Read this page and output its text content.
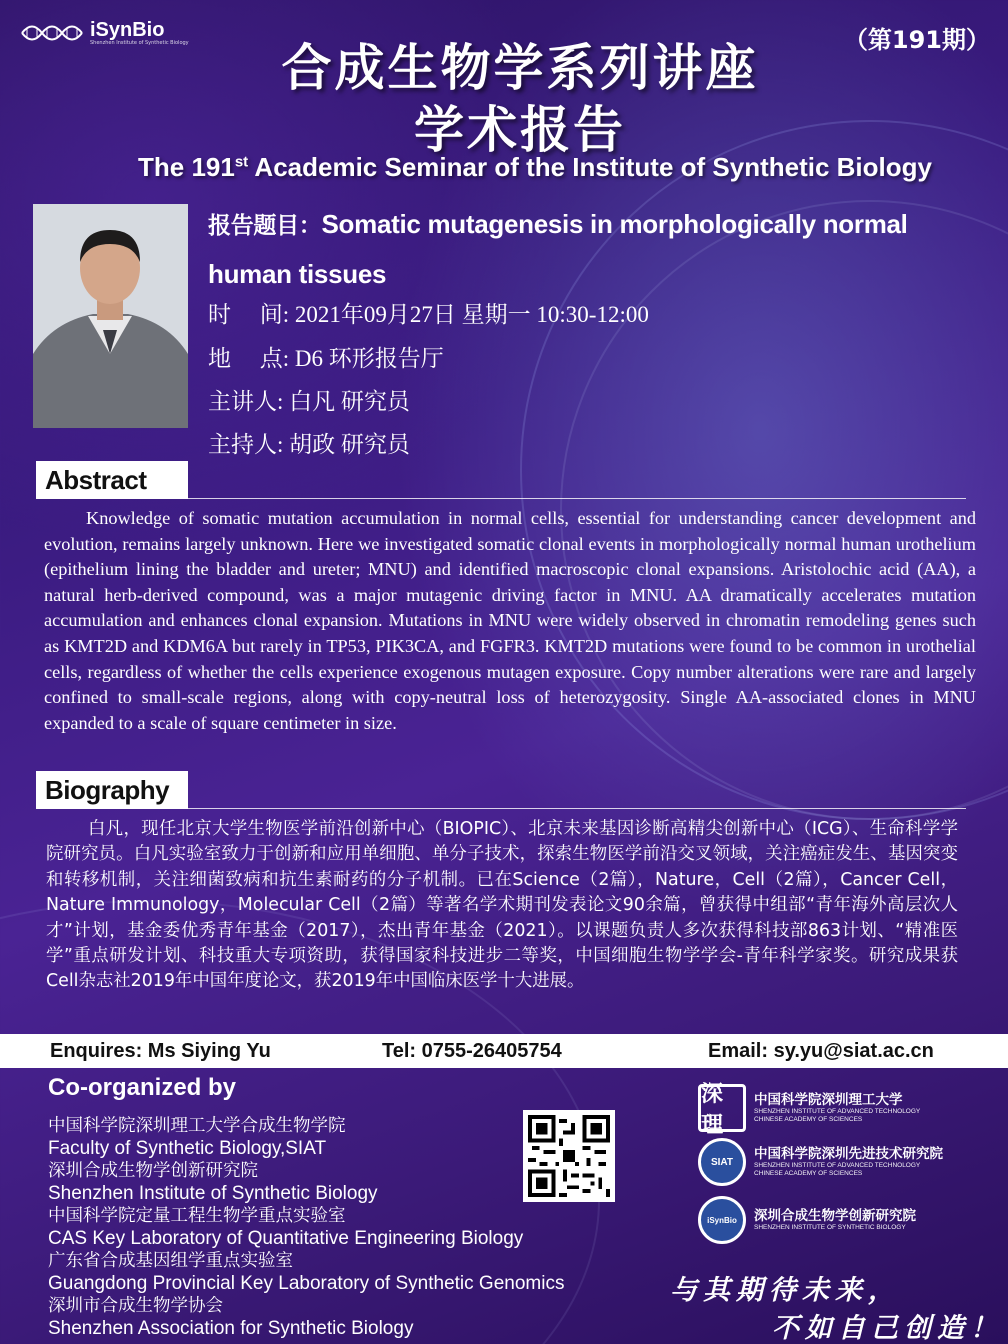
iSynBio
Shenzhen Institute of Synthetic Biology	（第191期）
合成生物学系列讲座
学术报告
The 191st Academic Seminar of the Institute of Synthetic Biology
报告题目：Somatic mutagenesis in morphologically normal human tissues
时　 间: 2021年09月27日 星期一 10:30-12:00
地　 点: D6 环形报告厅
主讲人: 白凡 研究员
主持人: 胡政 研究员
Abstract
Knowledge of somatic mutation accumulation in normal cells, essential for understanding cancer development and evolution, remains largely unknown. Here we investigated somatic clonal events in morphologically normal human urothelium (epithelium lining the bladder and ureter; MNU) and identified macroscopic clonal expansions. Aristolochic acid (AA), a natural herb-derived compound, was a major mutagenic driving factor in MNU. AA dramatically accelerates mutation accumulation and enhances clonal expansion. Mutations in MNU were widely observed in chromatin remodeling genes such as KMT2D and KDM6A but rarely in TP53, PIK3CA, and FGFR3. KMT2D mutations were found to be common in urothelial cells, regardless of whether the cells experience exogenous mutagen exposure. Copy number alterations were rare and largely confined to small-scale regions, along with copy-neutral loss of heterozygosity. Single AA-associated clones in MNU expanded to a scale of square centimeter in size.
Biography
白凡，现任北京大学生物医学前沿创新中心（BIOPIC）、北京未来基因诊断高精尖创新中心（ICG）、生命科学学院研究员。白凡实验室致力于创新和应用单细胞、单分子技术，探索生物医学前沿交叉领域，关注癌症发生、基因突变和转移机制，关注细菌致病和抗生素耐药的分子机制。已在Science（2篇），Nature，Cell（2篇），Cancer Cell，Nature Immunology，Molecular Cell（2篇）等著名学术期刊发表论文90余篇，曾获得中组部“青年海外高层次人才”计划，基金委优秀青年基金（2017），杰出青年基金（2021）。以课题负责人多次获得科技部863计划、“精准医学”重点研发计划、科技重大专项资助，获得国家科技进步二等奖，中国细胞生物学学会-青年科学家奖。研究成果获Cell杂志社2019年中国年度论文，获2019年中国临床医学十大进展。
Enquires: Ms Siying Yu	Tel: 0755-26405754	Email: sy.yu@siat.ac.cn
Co-organized by
中国科学院深圳理工大学合成生物学院
Faculty of Synthetic Biology,SIAT
深圳合成生物学创新研究院
Shenzhen Institute of Synthetic Biology
中国科学院定量工程生物学重点实验室
CAS Key Laboratory of Quantitative Engineering Biology
广东省合成基因组学重点实验室
Guangdong Provincial Key Laboratory of Synthetic Genomics
深圳市合成生物学协会
Shenzhen Association for Synthetic Biology
深理
中国科学院深圳理工大学
SHENZHEN INSTITUTE OF ADVANCED TECHNOLOGY
CHINESE ACADEMY OF SCIENCES
SIAT	中国科学院深圳先进技术研究院
SHENZHEN INSTITUTE OF ADVANCED TECHNOLOGY
CHINESE ACADEMY OF SCIENCES
iSynBio	深圳合成生物学创新研究院
SHENZHEN INSTITUTE OF SYNTHETIC BIOLOGY
与其期待未来，
不如自己创造！
